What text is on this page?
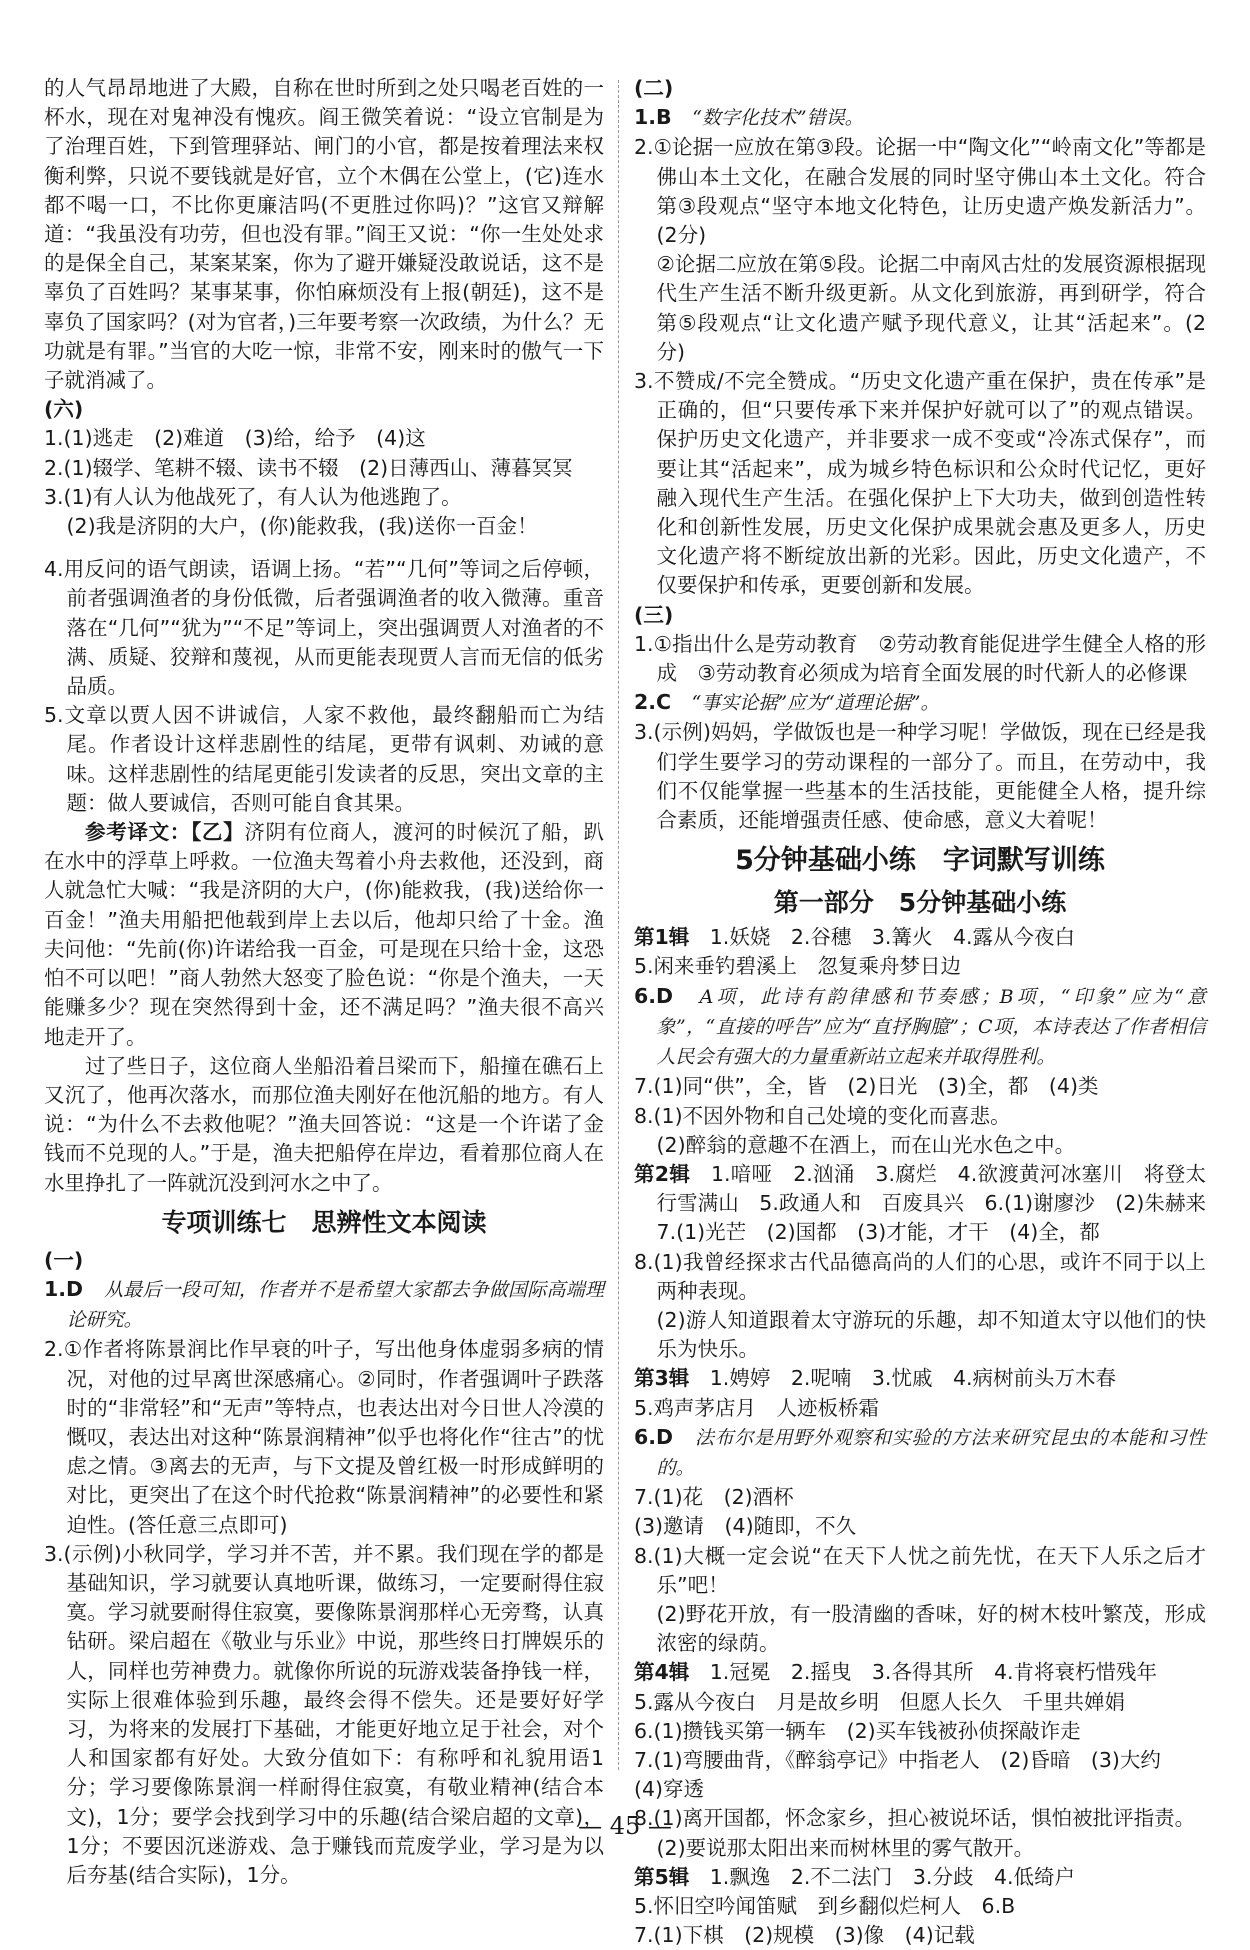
的人气昂昂地进了大殿，自称在世时所到之处只喝老百姓的一杯水，现在对鬼神没有愧疚。阎王微笑着说：“设立官制是为了治理百姓，下到管理驿站、闸门的小官，都是按着理法来权衡利弊，只说不要钱就是好官，立个木偶在公堂上，(它)连水都不喝一口，不比你更廉洁吗(不更胜过你吗)？”这官又辩解道：“我虽没有功劳，但也没有罪。”阎王又说：“你一生处处求的是保全自己，某案某案，你为了避开嫌疑没敢说话，这不是辜负了百姓吗？某事某事，你怕麻烦没有上报(朝廷)，这不是辜负了国家吗？(对为官者，)三年要考察一次政绩，为什么？无功就是有罪。”当官的大吃一惊，非常不安，刚来时的傲气一下子就消减了。

(六)

1.(1)逃走　(2)难道　(3)给，给予　(4)这

2.(1)辍学、笔耕不辍、读书不辍　(2)日薄西山、薄暮冥冥

3.(1)有人认为他战死了，有人认为他逃跑了。

(2)我是济阴的大户，(你)能救我，(我)送你一百金！

4.用反问的语气朗读，语调上扬。“若”“几何”等词之后停顿，前者强调渔者的身份低微，后者强调渔者的收入微薄。重音落在“几何”“犹为”“不足”等词上，突出强调贾人对渔者的不满、质疑、狡辩和蔑视，从而更能表现贾人言而无信的低劣品质。

5.文章以贾人因不讲诚信，人家不救他，最终翻船而亡为结尾。作者设计这样悲剧性的结尾，更带有讽刺、劝诫的意味。这样悲剧性的结尾更能引发读者的反思，突出文章的主题：做人要诚信，否则可能自食其果。

参考译文：【乙】济阴有位商人，渡河的时候沉了船，趴在水中的浮草上呼救。一位渔夫驾着小舟去救他，还没到，商人就急忙大喊：“我是济阴的大户，(你)能救我，(我)送给你一百金！”渔夫用船把他载到岸上去以后，他却只给了十金。渔夫问他：“先前(你)许诺给我一百金，可是现在只给十金，这恐怕不可以吧！”商人勃然大怒变了脸色说：“你是个渔夫，一天能赚多少？现在突然得到十金，还不满足吗？”渔夫很不高兴地走开了。

过了些日子，这位商人坐船沿着吕梁而下，船撞在礁石上又沉了，他再次落水，而那位渔夫刚好在他沉船的地方。有人说：“为什么不去救他呢？”渔夫回答说：“这是一个许诺了金钱而不兑现的人。”于是，渔夫把船停在岸边，看着那位商人在水里挣扎了一阵就沉没到河水之中了。

专项训练七　思辨性文本阅读

(一)

1.D　 从最后一段可知，作者并不是希望大家都去争做国际高端理论研究。

2.①作者将陈景润比作早衰的叶子，写出他身体虚弱多病的情况，对他的过早离世深感痛心。②同时，作者强调叶子跌落时的“非常轻”和“无声”等特点，也表达出对今日世人冷漠的慨叹，表达出对这种“陈景润精神”似乎也将化作“往古”的忧虑之情。③离去的无声，与下文提及曾红极一时形成鲜明的对比，更突出了在这个时代抢救“陈景润精神”的必要性和紧迫性。(答任意三点即可)

3.(示例)小秋同学，学习并不苦，并不累。我们现在学的都是基础知识，学习就要认真地听课，做练习，一定要耐得住寂寞。学习就要耐得住寂寞，要像陈景润那样心无旁骛，认真钻研。梁启超在《敬业与乐业》中说，那些终日打牌娱乐的人，同样也劳神费力。就像你所说的玩游戏装备挣钱一样，实际上很难体验到乐趣，最终会得不偿失。还是要好好学习，为将来的发展打下基础，才能更好地立足于社会，对个人和国家都有好处。大致分值如下：有称呼和礼貌用语1分；学习要像陈景润一样耐得住寂寞，有敬业精神(结合本文)，1分；要学会找到学习中的乐趣(结合梁启超的文章)，1分；不要因沉迷游戏、急于赚钱而荒废学业，学习是为以后夯基(结合实际)，1分。

(二)

1.B　 “数字化技术”错误。

2.①论据一应放在第③段。论据一中“陶文化”“岭南文化”等都是佛山本土文化，在融合发展的同时坚守佛山本土文化。符合第③段观点“坚守本地文化特色，让历史遗产焕发新活力”。(2分)

②论据二应放在第⑤段。论据二中南风古灶的发展资源根据现代生产生活不断升级更新。从文化到旅游，再到研学，符合第⑤段观点“让文化遗产赋予现代意义，让其“活起来”。(2分)

3.不赞成/不完全赞成。“历史文化遗产重在保护，贵在传承”是正确的，但“只要传承下来并保护好就可以了”的观点错误。保护历史文化遗产，并非要求一成不变或“冷冻式保存”，而要让其“活起来”，成为城乡特色标识和公众时代记忆，更好融入现代生产生活。在强化保护上下大功夫，做到创造性转化和创新性发展，历史文化保护成果就会惠及更多人，历史文化遗产将不断绽放出新的光彩。因此，历史文化遗产，不仅要保护和传承，更要创新和发展。

(三)

1.①指出什么是劳动教育　②劳动教育能促进学生健全人格的形成　③劳动教育必须成为培育全面发展的时代新人的必修课

2.C　 “事实论据”应为“道理论据”。

3.(示例)妈妈，学做饭也是一种学习呢！学做饭，现在已经是我们学生要学习的劳动课程的一部分了。而且，在劳动中，我们不仅能掌握一些基本的生活技能，更能健全人格，提升综合素质，还能增强责任感、使命感，意义大着呢！

5分钟基础小练　字词默写训练
第一部分　5分钟基础小练

第1辑　 1.妖娆　2.谷穗　3.篝火　4.露从今夜白

5.闲来垂钓碧溪上　忽复乘舟梦日边

6.D　 A项，此诗有韵律感和节奏感；B项，“印象”应为“意象”，“直接的呼告”应为“直抒胸臆”；C项，本诗表达了作者相信人民会有强大的力量重新站立起来并取得胜利。

7.(1)同“供”，全，皆　(2)日光　(3)全，都　(4)类

8.(1)不因外物和自己处境的变化而喜悲。

(2)醉翁的意趣不在酒上，而在山光水色之中。

第2辑　 1.喑哑　2.汹涌　3.腐烂　4.欲渡黄河冰塞川　将登太行雪满山　5.政通人和　百废具兴　6.(1)谢廖沙　(2)朱赫来　7.(1)光芒　(2)国都　(3)才能，才干　(4)全，都

8.(1)我曾经探求古代品德高尚的人们的心思，或许不同于以上两种表现。

(2)游人知道跟着太守游玩的乐趣，却不知道太守以他们的快乐为快乐。

第3辑　 1.娉婷　2.呢喃　3.忧戚　4.病树前头万木春

5.鸡声茅店月　人迹板桥霜

6.D　 法布尔是用野外观察和实验的方法来研究昆虫的本能和习性的。

7.(1)花　(2)酒杯

(3)邀请　(4)随即，不久

8.(1)大概一定会说“在天下人忧之前先忧，在天下人乐之后才乐”吧！

(2)野花开放，有一股清幽的香味，好的树木枝叶繁茂，形成浓密的绿荫。

第4辑　 1.冠冕　2.摇曳　3.各得其所　4.肯将衰朽惜残年

5.露从今夜白　月是故乡明　但愿人长久　千里共婵娟

6.(1)攒钱买第一辆车　(2)买车钱被孙侦探敲诈走

7.(1)弯腰曲背，《醉翁亭记》中指老人　(2)昏暗　(3)大约

(4)穿透

8.(1)离开国都，怀念家乡，担心被说坏话，惧怕被批评指责。

(2)要说那太阳出来而树林里的雾气散开。

第5辑　 1.飘逸　2.不二法门　3.分歧　4.低绮户

5.怀旧空吟闻笛赋　到乡翻似烂柯人　6.B

7.(1)下棋　(2)规模　(3)像　(4)记载

— 45 —
